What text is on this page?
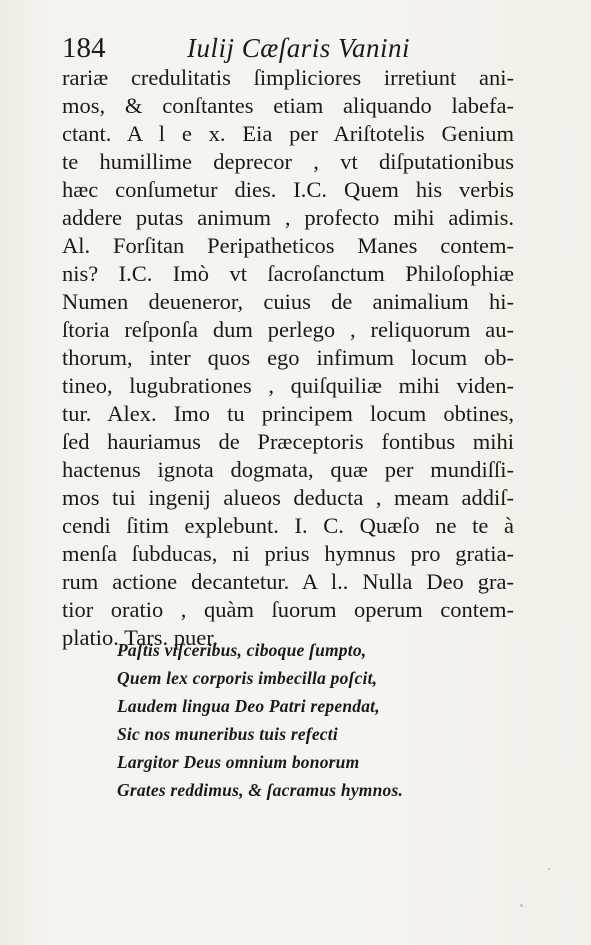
184	Iulij Cæſaris Vanini
rariæ credulitatis ſimpliciores irretiunt ani-
mos, & conſtantes etiam aliquando labefa-
ctant. A l e x. Eia per Ariſtotelis Genium
te humillime deprecor , vt diſputationibus
hæc conſumetur dies. I.C. Quem his verbis
addere putas animum , profecto mihi adimis.
Al. Forſitan Peripatheticos Manes contem-
nis? I.C. Imò vt ſacroſanctum Philoſophiæ
Numen deueneror, cuius de animalium hi-
ſtoria reſponſa dum perlego , reliquorum au-
thorum, inter quos ego infimum locum ob-
tineo, lugubrationes , quiſquiliæ mihi viden-
tur. Alex. Imo tu principem locum obtines,
ſed hauriamus de Præceptoris fontibus mihi
hactenus ignota dogmata, quæ per mundiſſi-
mos tui ingenij alueos deducta , meam addiſ-
cendi ſitim explebunt. I. C. Quæſo ne te à
menſa ſubducas, ni prius hymnus pro gratia-
rum actione decantetur. A l.. Nulla Deo gra-
tior oratio , quàm ſuorum operum contem-
platio. Tars. puer.
Paſtis viſceribus, ciboque ſumpto,
Quem lex corporis imbecilla poſcit,
Laudem lingua Deo Patri rependat,
Sic nos muneribus tuis refecti
Largitor Deus omnium bonorum
Grates reddimus, & ſacramus hymnos.
